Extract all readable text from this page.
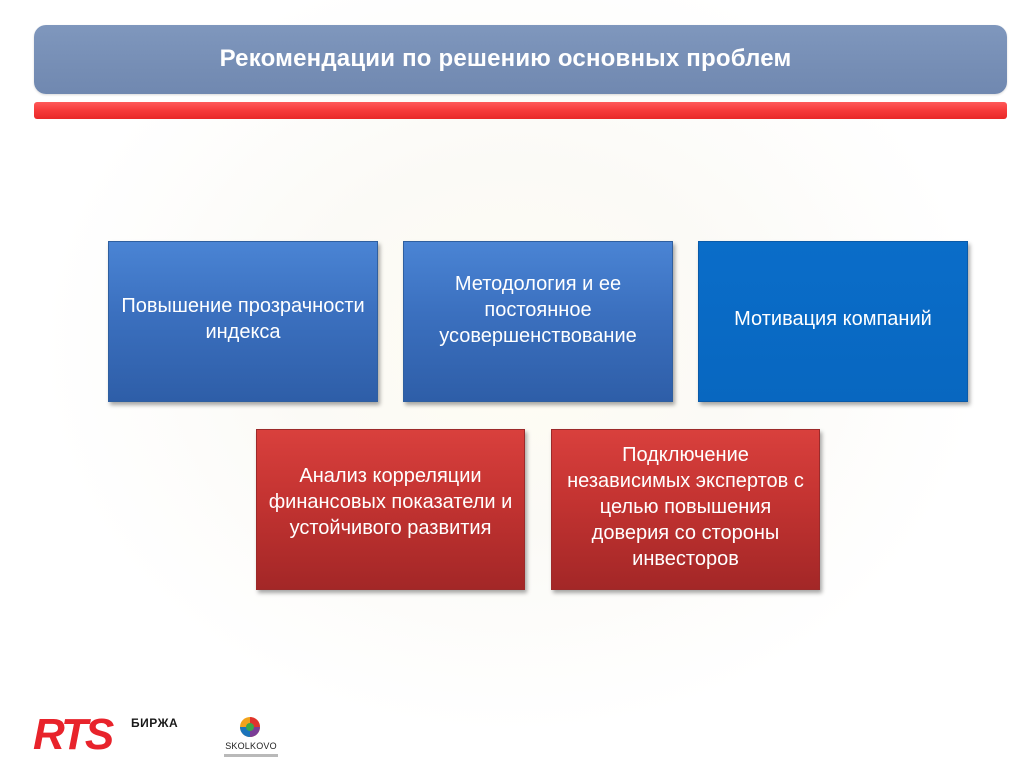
Рекомендации по решению основных проблем
Повышение прозрачности индекса
Методология и ее постоянное усовершенствование
Мотивация компаний
Анализ корреляции финансовых показатели и устойчивого развития
Подключение независимых экспертов с целью повышения доверия со стороны инвесторов
RTS БИРЖА
SKOLKOVO
